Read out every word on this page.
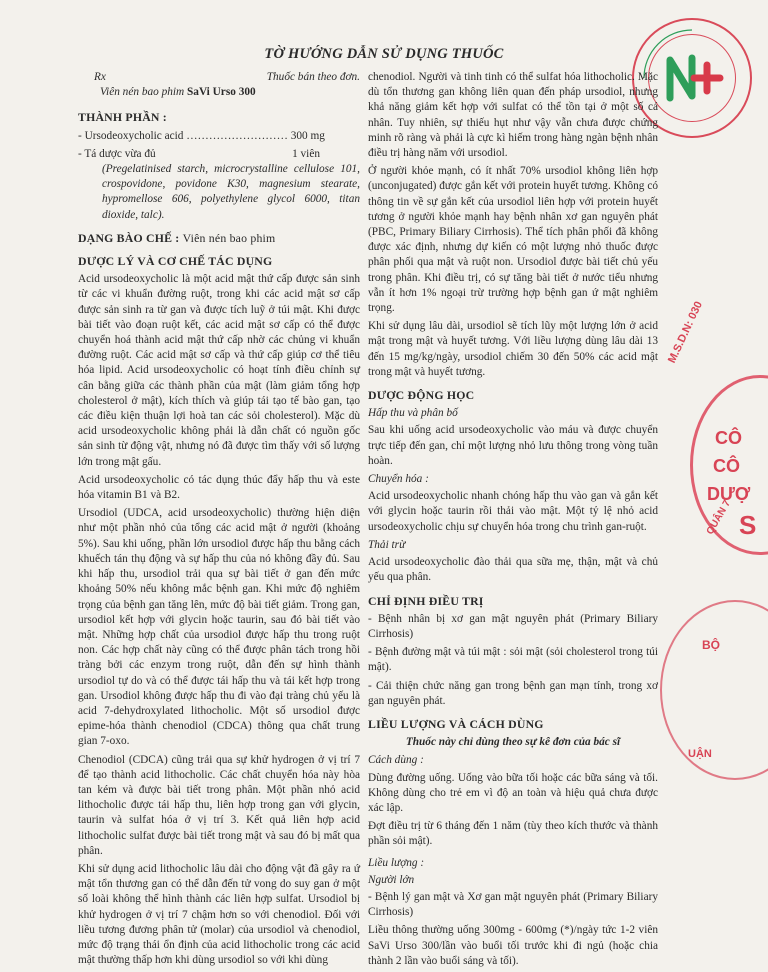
CÔ
CÔ
DƯỢ
S
M.S.D.N: 030
QUÂN 7
BỘ
UẬN
TỜ HƯỚNG DẪN SỬ DỤNG THUỐC
Rx	Thuốc bán theo đơn.
Viên nén bao phim SaVi Urso 300
THÀNH PHẦN :
- Ursodeoxycholic acid ……………………… 300 mg
- Tá dược vừa đủ	1 viên
(Pregelatinised starch, microcrystalline cellulose 101, crospovidone, povidone K30, magnesium stearate, hypromellose 606, polyethylene glycol 6000, titan dioxide, talc).
DẠNG BÀO CHẾ : Viên nén bao phim
DƯỢC LÝ VÀ CƠ CHẾ TÁC DỤNG
Acid ursodeoxycholic là một acid mật thứ cấp được sản sinh từ các vi khuẩn đường ruột, trong khi các acid mật sơ cấp được sản sinh ra từ gan và được tích luỹ ở túi mật. Khi được bài tiết vào đoạn ruột kết, các acid mật sơ cấp có thể được chuyển hoá thành acid mật thứ cấp nhờ các chủng vi khuẩn đường ruột. Các acid mật sơ cấp và thứ cấp giúp cơ thể tiêu hóa lipid. Acid ursodeoxycholic có hoạt tính điều chỉnh sự cân bằng giữa các thành phần của mật (làm giảm tổng hợp cholesterol ở mật), kích thích và giúp tái tạo tế bào gan, tạo các điều kiện thuận lợi hoà tan các sỏi cholesterol). Mặc dù acid ursodeoxycholic không phải là dẫn chất có nguồn gốc sản sinh từ động vật, nhưng nó đã được tìm thấy với số lượng lớn trong mật gấu.
Acid ursodeoxycholic có tác dụng thúc đẩy hấp thu và este hóa vitamin B1 và B2.
Ursodiol (UDCA, acid ursodeoxycholic) thường hiện diện như một phần nhỏ của tổng các acid mật ở người (khoảng 5%). Sau khi uống, phần lớn ursodiol được hấp thu bằng cách khuếch tán thụ động và sự hấp thu của nó không đầy đủ. Sau khi hấp thu, ursodiol trải qua sự bài tiết ở gan đến mức khoảng 50% nếu không mắc bệnh gan. Khi mức độ nghiêm trọng của bệnh gan tăng lên, mức độ bài tiết giảm. Trong gan, ursodiol kết hợp với glycin hoặc taurin, sau đó bài tiết vào mật. Những hợp chất của ursodiol được hấp thu trong ruột non. Các hợp chất này cũng có thể được phân tách trong hồi tràng bởi các enzym trong ruột, dẫn đến sự hình thành ursodiol tự do và có thể được tái hấp thu và tái kết hợp trong gan. Ursodiol không được hấp thu đi vào đại tràng chủ yếu là acid 7-dehydroxylated lithocholic. Một số ursodiol được epime-hóa thành chenodiol (CDCA) thông qua chất trung gian 7-oxo.
Chenodiol (CDCA) cũng trải qua sự khử hydrogen ở vị trí 7 để tạo thành acid lithocholic. Các chất chuyển hóa này hòa tan kém và được bài tiết trong phân. Một phần nhỏ acid lithocholic được tái hấp thu, liên hợp trong gan với glycin, taurin và sulfat hóa ở vị trí 3. Kết quả liên hợp acid lithocholic sulfat được bài tiết trong mật và sau đó bị mất qua phân.
Khi sử dụng acid lithocholic lâu dài cho động vật đã gây ra ứ mật tổn thương gan có thể dẫn đến tử vong do suy gan ở một số loài không thể hình thành các liên hợp sulfat. Ursodiol bị khử hydrogen ở vị trí 7 chậm hơn so với chenodiol. Đối với liều tương đương phân tử (molar) của ursodiol và chenodiol, mức độ trạng thái ổn định của acid lithocholic trong các acid mật thường thấp hơn khi dùng ursodiol so với khi dùng
chenodiol. Người và tinh tinh có thể sulfat hóa lithocholic. Mặc dù tổn thương gan không liên quan đến pháp ursodiol, nhưng khả năng giảm kết hợp với sulfat có thể tồn tại ở một số cá nhân. Tuy nhiên, sự thiếu hụt như vậy vẫn chưa được chứng minh rõ ràng và phải là cực kì hiếm trong hàng ngàn bệnh nhân điều trị hàng năm với ursodiol.
Ở người khỏe mạnh, có ít nhất 70% ursodiol không liên hợp (unconjugated) được gắn kết với protein huyết tương. Không có thông tin về sự gắn kết của ursodiol liên hợp với protein huyết tương ở người khỏe mạnh hay bệnh nhân xơ gan nguyên phát (PBC, Primary Biliary Cirrhosis). Thể tích phân phối đã không được xác định, nhưng dự kiến có một lượng nhỏ thuốc được phân phối qua mật và ruột non. Ursodiol được bài tiết chủ yếu trong phân. Khi điều trị, có sự tăng bài tiết ở nước tiểu nhưng vẫn ít hơn 1% ngoại trừ trường hợp bệnh gan ứ mật nghiêm trọng.
Khi sử dụng lâu dài, ursodiol sẽ tích lũy một lượng lớn ở acid mật trong mật và huyết tương. Với liều lượng dùng lâu dài 13 đến 15 mg/kg/ngày, ursodiol chiếm 30 đến 50% các acid mật trong mật và huyết tương.
DƯỢC ĐỘNG HỌC
Hấp thu và phân bố
Sau khi uống acid ursodeoxycholic vào máu và được chuyển trực tiếp đến gan, chỉ một lượng nhỏ lưu thông trong vòng tuần hoàn.
Chuyển hóa :
Acid ursodeoxycholic nhanh chóng hấp thu vào gan và gắn kết với glycin hoặc taurin rồi thải vào mật. Một tỷ lệ nhỏ acid ursodeoxycholic chịu sự chuyển hóa trong chu trình gan-ruột.
Thải trừ
Acid ursodeoxycholic đào thải qua sữa mẹ, thận, mật và chủ yếu qua phân.
CHỈ ĐỊNH ĐIỀU TRỊ
- Bệnh nhân bị xơ gan mật nguyên phát (Primary Biliary Cirrhosis)
- Bệnh đường mật và túi mật : sỏi mật (sỏi cholesterol trong túi mật).
- Cải thiện chức năng gan trong bệnh gan mạn tính, trong xơ gan nguyên phát.
LIỀU LƯỢNG VÀ CÁCH DÙNG
Thuốc này chỉ dùng theo sự kê đơn của bác sĩ
Cách dùng :
Dùng đường uống. Uống vào bữa tối hoặc các bữa sáng và tối. Không dùng cho trẻ em vì độ an toàn và hiệu quả chưa được xác lập.
Đợt điều trị từ 6 tháng đến 1 năm (tùy theo kích thước và thành phần sỏi mật).
Liều lượng :
Người lớn
- Bệnh lý gan mật và Xơ gan mật nguyên phát (Primary Biliary Cirrhosis)
Liều thông thường uống 300mg - 600mg (*)/ngày tức 1-2 viên SaVi Urso 300/lần vào buổi tối trước khi đi ngủ (hoặc chia thành 2 lần vào buổi sáng và tối).
